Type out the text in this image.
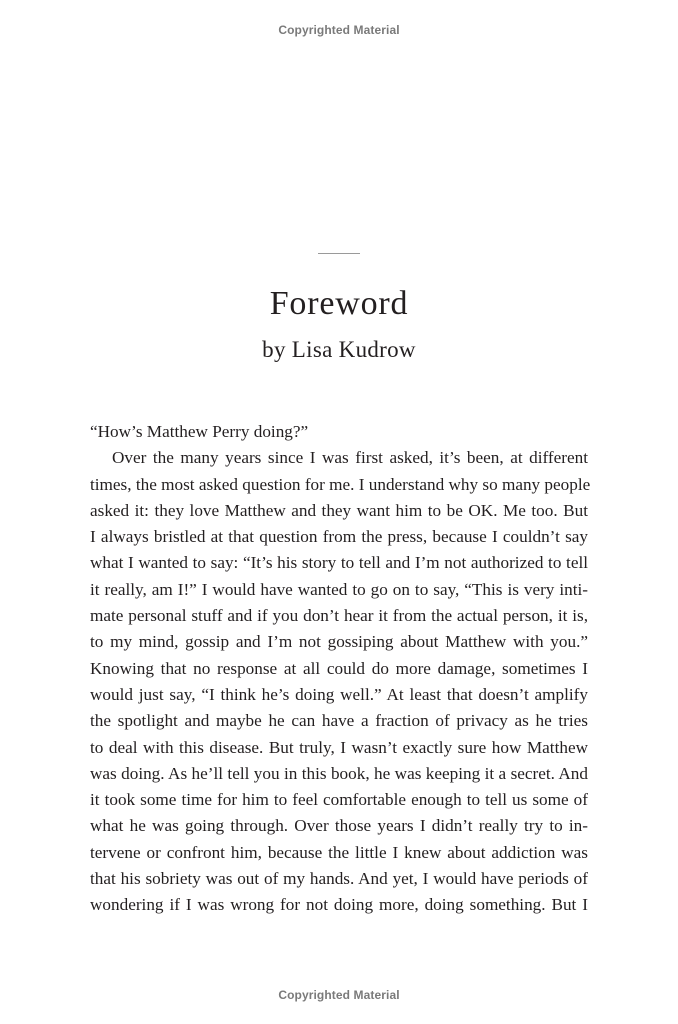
Copyrighted Material
Foreword
by Lisa Kudrow
“How’s Matthew Perry doing?”
Over the many years since I was first asked, it’s been, at different
times, the most asked question for me. I understand why so many people
asked it: they love Matthew and they want him to be OK. Me too. But
I always bristled at that question from the press, because I couldn’t say
what I wanted to say: “It’s his story to tell and I’m not authorized to tell
it really, am I!” I would have wanted to go on to say, “This is very inti-
mate personal stuff and if you don’t hear it from the actual person, it is,
to my mind, gossip and I’m not gossiping about Matthew with you.”
Knowing that no response at all could do more damage, sometimes I
would just say, “I think he’s doing well.” At least that doesn’t amplify
the spotlight and maybe he can have a fraction of privacy as he tries
to deal with this disease. But truly, I wasn’t exactly sure how Matthew
was doing. As he’ll tell you in this book, he was keeping it a secret. And
it took some time for him to feel comfortable enough to tell us some of
what he was going through. Over those years I didn’t really try to in-
tervene or confront him, because the little I knew about addiction was
that his sobriety was out of my hands. And yet, I would have periods of
wondering if I was wrong for not doing more, doing something. But I
Copyrighted Material
